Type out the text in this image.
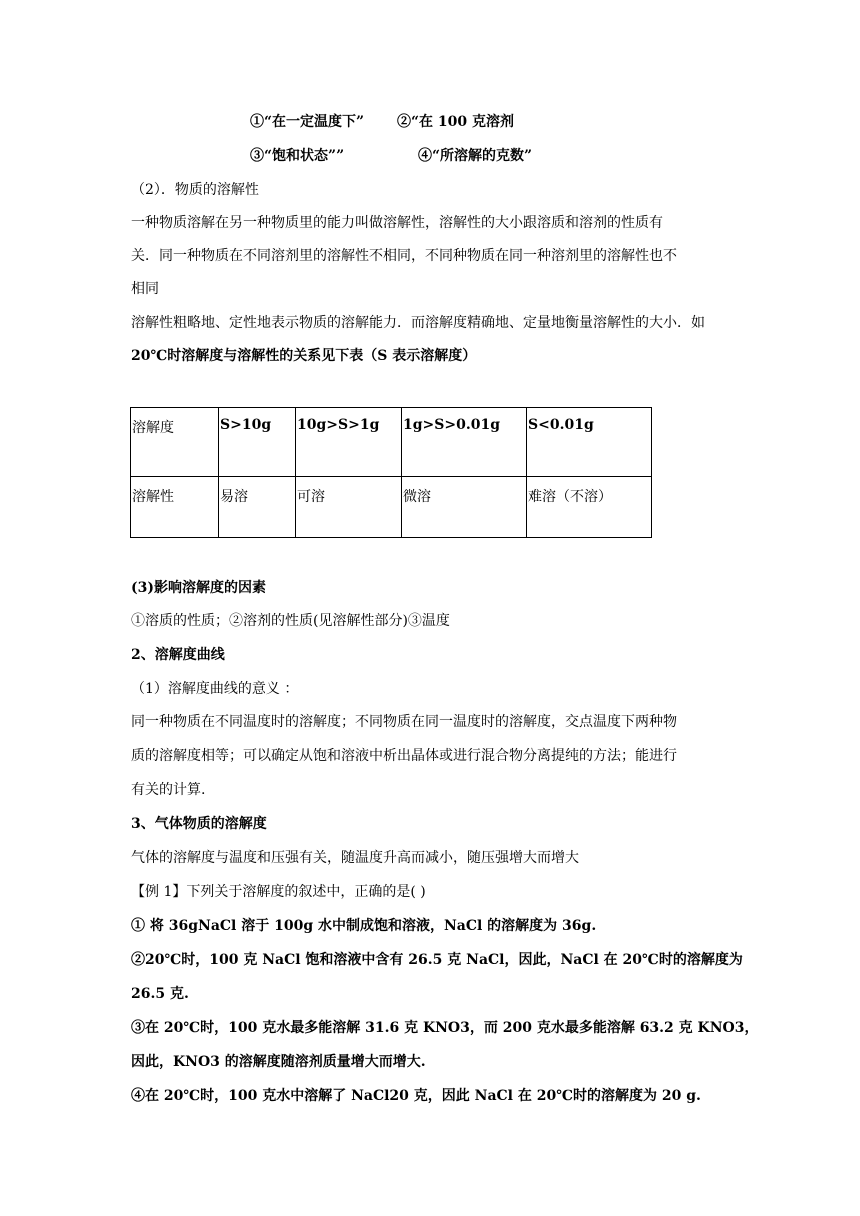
①“在一定温度下” ②“在 100 克溶剂
③“饱和状态””	④“所溶解的克数”
（2）．物质的溶解性
一种物质溶解在另一种物质里的能力叫做溶解性，溶解性的大小跟溶质和溶剂的性质有
关．同一种物质在不同溶剂里的溶解性不相同，不同种物质在同一种溶剂里的溶解性也不
相同
溶解性粗略地、定性地表示物质的溶解能力．而溶解度精确地、定量地衡量溶解性的大小．如
20℃时溶解度与溶解性的关系见下表（S 表示溶解度）
溶解度	S>10g	10g>S>1g	1g>S>0.01g	S<0.01g
溶解性	易溶	可溶	微溶	难溶（不溶）
(3)影响溶解度的因素
①溶质的性质；②溶剂的性质(见溶解性部分)③温度
2、溶解度曲线
（1）溶解度曲线的意义 ：
同一种物质在不同温度时的溶解度；不同物质在同一温度时的溶解度，交点温度下两种物
质的溶解度相等；可以确定从饱和溶液中析出晶体或进行混合物分离提纯的方法；能进行
有关的计算.
3、气体物质的溶解度
气体的溶解度与温度和压强有关，随温度升高而减小，随压强增大而增大
【例 1】下列关于溶解度的叙述中，正确的是( )
① 将 36gNaCl 溶于 100g 水中制成饱和溶液，NaCl 的溶解度为 36g.
②20℃时，100 克 NaCl 饱和溶液中含有 26.5 克 NaCl，因此，NaCl 在 20℃时的溶解度为
26.5 克.
③在 20℃时，100 克水最多能溶解 31.6 克 KNO3，而 200 克水最多能溶解 63.2 克 KNO3，
因此，KNO3 的溶解度随溶剂质量增大而增大.
④在 20℃时，100 克水中溶解了 NaCl20 克，因此 NaCl 在 20℃时的溶解度为 20 g.
